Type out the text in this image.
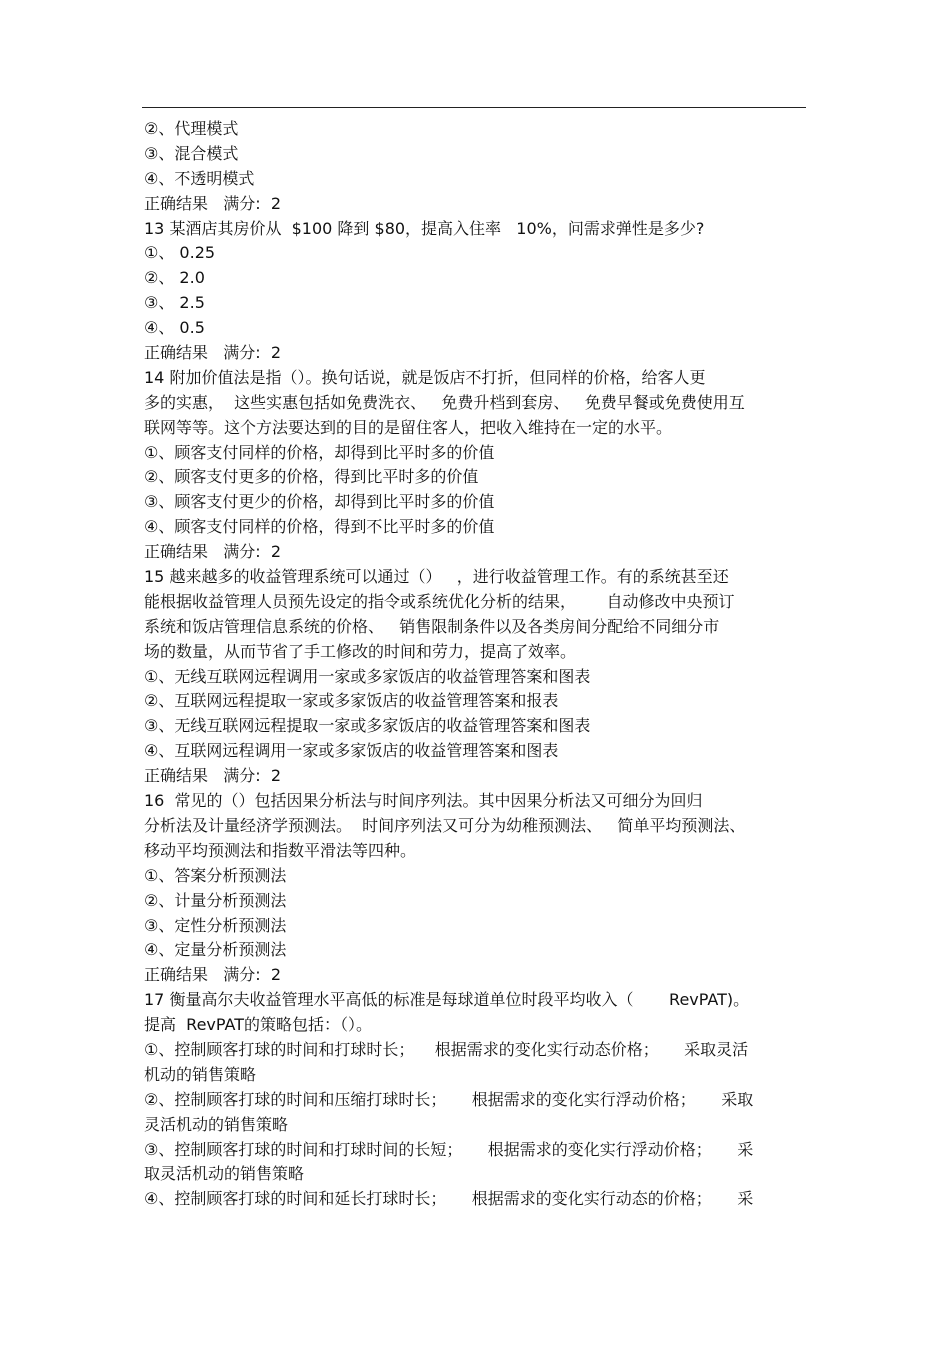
②、代理模式
③、混合模式
④、不透明模式
正确结果   满分:  2
13 某酒店其房价从  $100 降到 $80，提高入住率   10%，问需求弹性是多少?
①、 0.25
②、 2.0
③、 2.5
④、 0.5
正确结果   满分:  2
14 附加价值法是指（）。换句话说，就是饭店不打折，但同样的价格，给客人更
多的实惠，  这些实惠包括如免费洗衣、   免费升档到套房、   免费早餐或免费使用互
联网等等。这个方法要达到的目的是留住客人，把收入维持在一定的水平。
①、顾客支付同样的价格，却得到比平时多的价值
②、顾客支付更多的价格，得到比平时多的价值
③、顾客支付更少的价格，却得到比平时多的价值
④、顾客支付同样的价格，得到不比平时多的价值
正确结果   满分:  2
15 越来越多的收益管理系统可以通过（）   ，进行收益管理工作。有的系统甚至还
能根据收益管理人员预先设定的指令或系统优化分析的结果，      自动修改中央预订
系统和饭店管理信息系统的价格、   销售限制条件以及各类房间分配给不同细分市
场的数量，从而节省了手工修改的时间和劳力，提高了效率。
①、无线互联网远程调用一家或多家饭店的收益管理答案和图表
②、互联网远程提取一家或多家饭店的收益管理答案和报表
③、无线互联网远程提取一家或多家饭店的收益管理答案和图表
④、互联网远程调用一家或多家饭店的收益管理答案和图表
正确结果   满分:  2
16  常见的（）包括因果分析法与时间序列法。其中因果分析法又可细分为回归
分析法及计量经济学预测法。  时间序列法又可分为幼稚预测法、   简单平均预测法、
移动平均预测法和指数平滑法等四种。
①、答案分析预测法
②、计量分析预测法
③、定性分析预测法
④、定量分析预测法
正确结果   满分:  2
17 衡量高尔夫收益管理水平高低的标准是每球道单位时段平均收入（       RevPAT)。
提高  RevPAT的策略包括：（）。
①、控制顾客打球的时间和打球时长；    根据需求的变化实行动态价格；     采取灵活
机动的销售策略
②、控制顾客打球的时间和压缩打球时长；     根据需求的变化实行浮动价格；     采取
灵活机动的销售策略
③、控制顾客打球的时间和打球时间的长短；     根据需求的变化实行浮动价格；     采
取灵活机动的销售策略
④、控制顾客打球的时间和延长打球时长；     根据需求的变化实行动态的价格；     采
